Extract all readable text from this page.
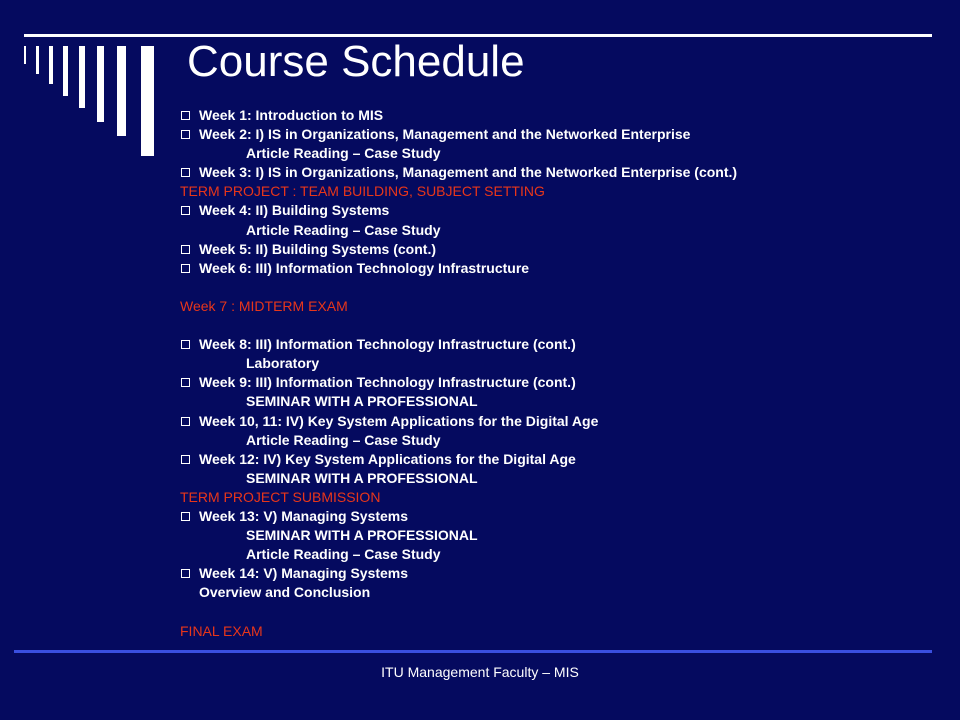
Course Schedule
Week 1: Introduction to MIS
Week 2: I) IS in Organizations, Management and the Networked Enterprise
Article Reading – Case Study
Week 3: I) IS in Organizations, Management and the Networked Enterprise (cont.)
TERM PROJECT : TEAM BUILDING, SUBJECT SETTING
Week 4: II) Building Systems
Article Reading – Case Study
Week 5: II) Building Systems (cont.)
Week 6: III) Information Technology Infrastructure
Week 7 : MIDTERM EXAM
Week 8: III) Information Technology Infrastructure (cont.)
Laboratory
Week 9: III) Information Technology Infrastructure (cont.)
SEMINAR WITH A PROFESSIONAL
Week 10, 11: IV) Key System Applications for the Digital Age
Article Reading – Case Study
Week 12: IV) Key System Applications for the Digital Age
SEMINAR WITH A PROFESSIONAL
TERM PROJECT SUBMISSION
Week 13: V) Managing Systems
SEMINAR WITH A PROFESSIONAL
Article Reading – Case Study
Week 14: V) Managing Systems
Overview and Conclusion
FINAL EXAM
ITU Management Faculty – MIS
